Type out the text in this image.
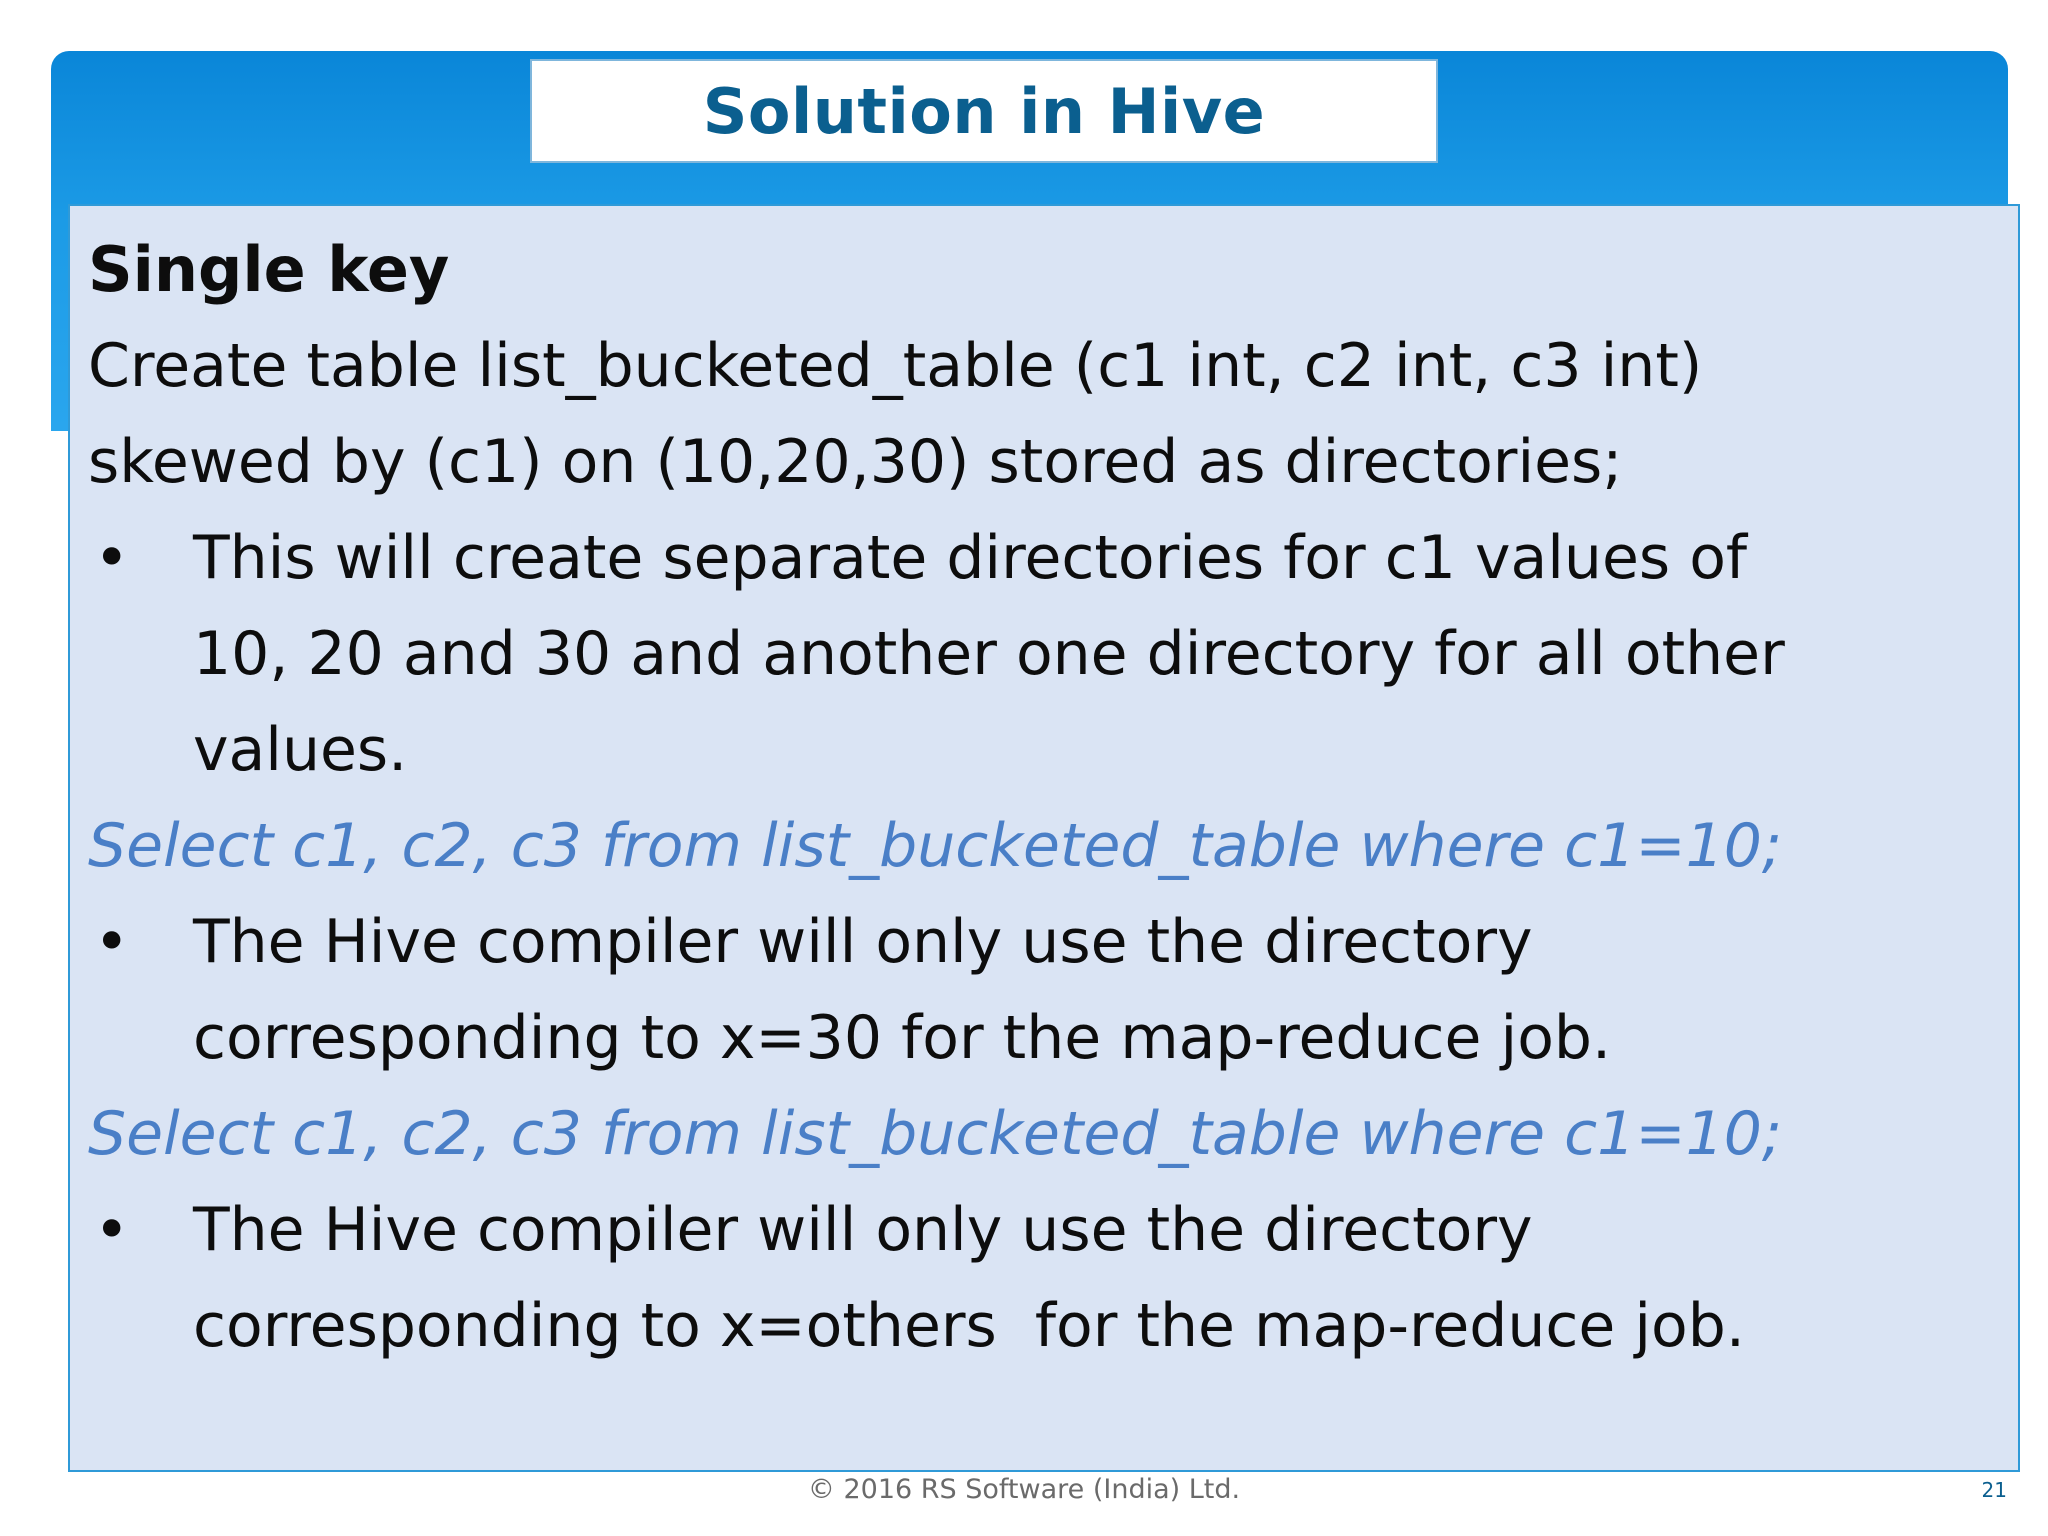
Solution in Hive
Single key
Create table list_bucketed_table (c1 int, c2 int, c3 int)
skewed by (c1) on (10,20,30) stored as directories;
•	This will create separate directories for c1 values of
10, 20 and 30 and another one directory for all other
values.
Select c1, c2, c3 from list_bucketed_table where c1=10;
•	The Hive compiler will only use the directory
corresponding to x=30 for the map-reduce job.
Select c1, c2, c3 from list_bucketed_table where c1=10;
•	The Hive compiler will only use the directory
corresponding to x=others  for the map-reduce job.
© 2016 RS Software (India) Ltd.	21
